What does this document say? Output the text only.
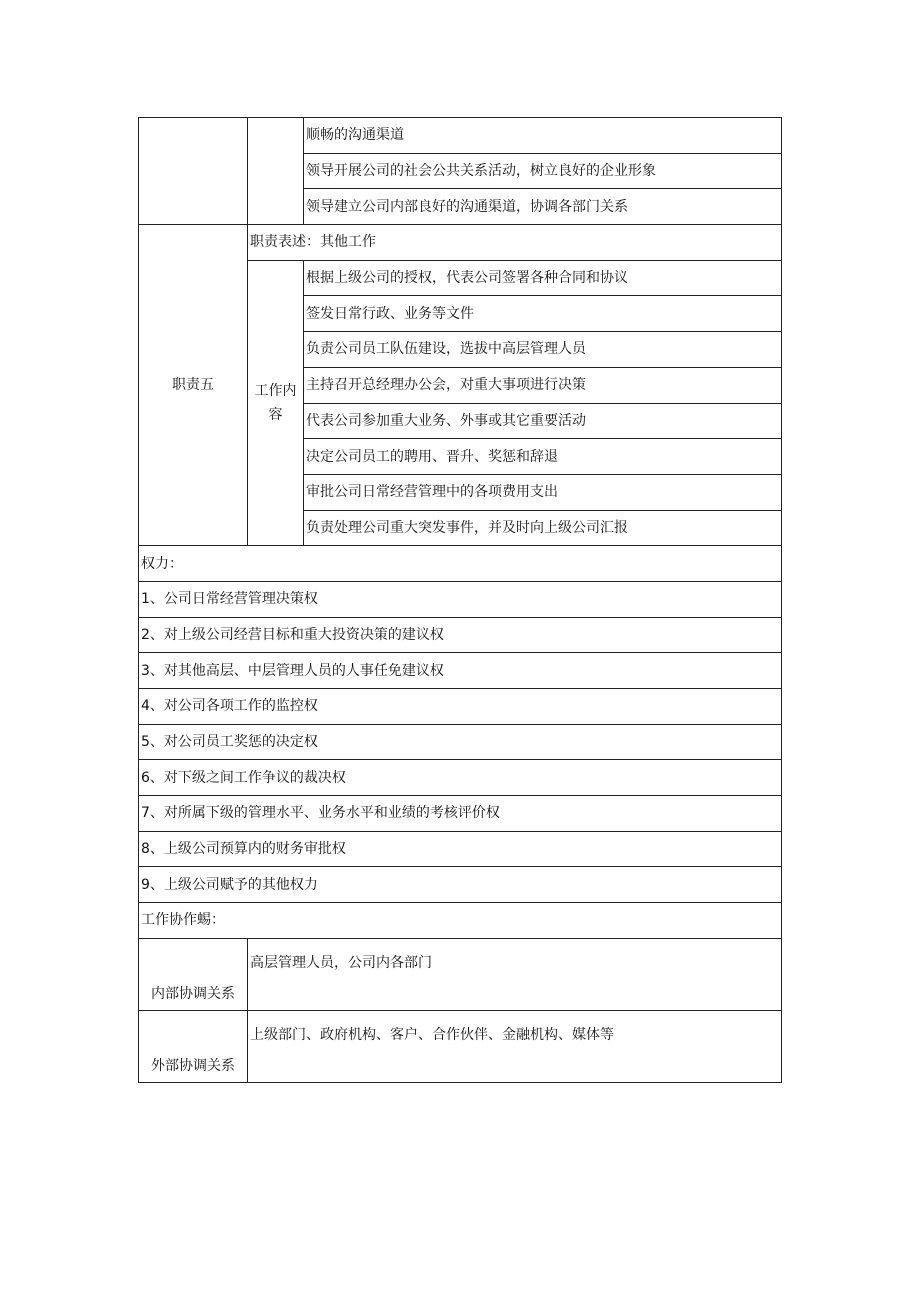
		顺畅的沟通渠道
		领导开展公司的社会公共关系活动，树立良好的企业形象
		领导建立公司内部良好的沟通渠道，协调各部门关系
职责五	职责表述：其他工作	
	工作内容	根据上级公司的授权，代表公司签署各种合同和协议
		签发日常行政、业务等文件
		负责公司员工队伍建设，选拔中高层管理人员
		主持召开总经理办公会，对重大事项进行决策
		代表公司参加重大业务、外事或其它重要活动
		决定公司员工的聘用、晋升、奖惩和辞退
		审批公司日常经营管理中的各项费用支出
		负责处理公司重大突发事件，并及时向上级公司汇报
权力：		
1、公司日常经营管理决策权		
2、对上级公司经营目标和重大投资决策的建议权		
3、对其他高层、中层管理人员的人事任免建议权		
4、对公司各项工作的监控权		
5、对公司员工奖惩的决定权		
6、对下级之间工作争议的裁决权		
7、对所属下级的管理水平、业务水平和业绩的考核评价权		
8、上级公司预算内的财务审批权		
9、上级公司赋予的其他权力		
工作协作蜴：		
内部协调关系	高层管理人员，公司内各部门	
外部协调关系	上级部门、政府机构、客户、合作伙伴、金融机构、媒体等	
